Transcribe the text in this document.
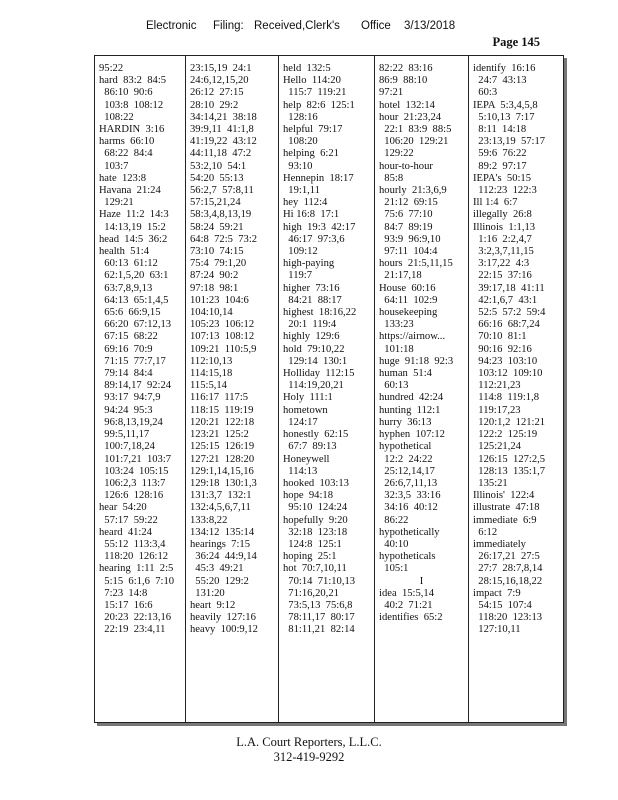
Electronic Filing: Received,Clerk's Office 3/13/2018
Page 145
95:22
hard  83:2  84:5
86:10  90:6
103:8  108:12
108:22
HARDIN  3:16
harms  66:10
68:22  84:4
103:7
hate  123:8
Havana  21:24
129:21
Haze  11:2  14:3
14:13,19  15:2
head  14:5  36:2
health  51:4
60:13  61:12
62:1,5,20  63:1
63:7,8,9,13
64:13  65:1,4,5
65:6  66:9,15
66:20  67:12,13
67:15  68:22
69:16  70:9
71:15  77:7,17
79:14  84:4
89:14,17  92:24
93:17  94:7,9
94:24  95:3
96:8,13,19,24
99:5,11,17
100:7,18,24
101:7,21  103:7
103:24  105:15
106:2,3  113:7
126:6  128:16
hear  54:20
57:17  59:22
heard  41:24
55:12  113:3,4
118:20  126:12
hearing  1:11  2:5
5:15  6:1,6  7:10
7:23  14:8
15:17  16:6
20:23  22:13,16
22:19  23:4,11
23:15,19  24:1
24:6,12,15,20
26:12  27:15
28:10  29:2
34:14,21  38:18
39:9,11  41:1,8
41:19,22  43:12
44:11,18  47:2
53:2,10  54:1
54:20  55:13
56:2,7  57:8,11
57:15,21,24
58:3,4,8,13,19
58:24  59:21
64:8  72:5  73:2
73:10  74:15
75:4  79:1,20
87:24  90:2
97:18  98:1
101:23  104:6
104:10,14
105:23  106:12
107:13  108:12
109:21  110:5,9
112:10,13
114:15,18
115:5,14
116:17  117:5
118:15  119:19
120:21  122:18
123:21  125:2
125:15  126:19
127:21  128:20
129:1,14,15,16
129:18  130:1,3
131:3,7  132:1
132:4,5,6,7,11
133:8,22
134:12  135:14
hearings  7:15
36:24  44:9,14
45:3  49:21
55:20  129:2
131:20
heart  9:12
heavily  127:16
heavy  100:9,12
held  132:5
Hello  114:20
115:7  119:21
help  82:6  125:1
128:16
helpful  79:17
108:20
helping  6:21
93:10
Hennepin  18:17
19:1,11
hey  112:4
Hi 16:8  17:1
high  19:3  42:17
46:17  97:3,6
109:12
high-paying
119:7
higher  73:16
84:21  88:17
highest  18:16,22
20:1  119:4
highly  129:6
hold  79:10,22
129:14  130:1
Holliday  112:15
114:19,20,21
Holy  111:1
hometown
124:17
honestly  62:15
67:7  89:13
Honeywell
114:13
hooked  103:13
hope  94:18
95:10  124:24
hopefully  9:20
32:18  123:18
124:8  125:1
hoping  25:1
hot  70:7,10,11
70:14  71:10,13
71:16,20,21
73:5,13  75:6,8
78:11,17  80:17
81:11,21  82:14
82:22  83:16
86:9  88:10
97:21
hotel  132:14
hour  21:23,24
22:1  83:9  88:5
106:20  129:21
129:22
hour-to-hour
85:8
hourly  21:3,6,9
21:12  69:15
75:6  77:10
84:7  89:19
93:9  96:9,10
97:11  104:4
hours  21:5,11,15
21:17,18
House  60:16
64:11  102:9
housekeeping
133:23
https://airnow...
101:18
huge  91:18  92:3
human  51:4
60:13
hundred  42:24
hunting  112:1
hurry  36:13
hyphen  107:12
hypothetical
12:2  24:22
25:12,14,17
26:6,7,11,13
32:3,5  33:16
34:16  40:12
86:22
hypothetically
40:10
hypotheticals
105:1
I
idea  15:5,14
40:2  71:21
identifies  65:2
identify  16:16
24:7  43:13
60:3
IEPA  5:3,4,5,8
5:10,13  7:17
8:11  14:18
23:13,19  57:17
59:6  76:22
89:2  97:17
IEPA's  50:15
112:23  122:3
Ill 1:4  6:7
illegally  26:8
Illinois  1:1,13
1:16  2:2,4,7
3:2,3,7,11,15
3:17,22  4:3
22:15  37:16
39:17,18  41:11
42:1,6,7  43:1
52:5  57:2  59:4
66:16  68:7,24
70:10  81:1
90:16  92:16
94:23  103:10
103:12  109:10
112:21,23
114:8  119:1,8
119:17,23
120:1,2  121:21
122:2  125:19
125:21,24
126:15  127:2,5
128:13  135:1,7
135:21
Illinois'  122:4
illustrate  47:18
immediate  6:9
6:12
immediately
26:17,21  27:5
27:7  28:7,8,14
28:15,16,18,22
impact  7:9
54:15  107:4
118:20  123:13
127:10,11
L.A. Court Reporters, L.L.C.
312-419-9292
